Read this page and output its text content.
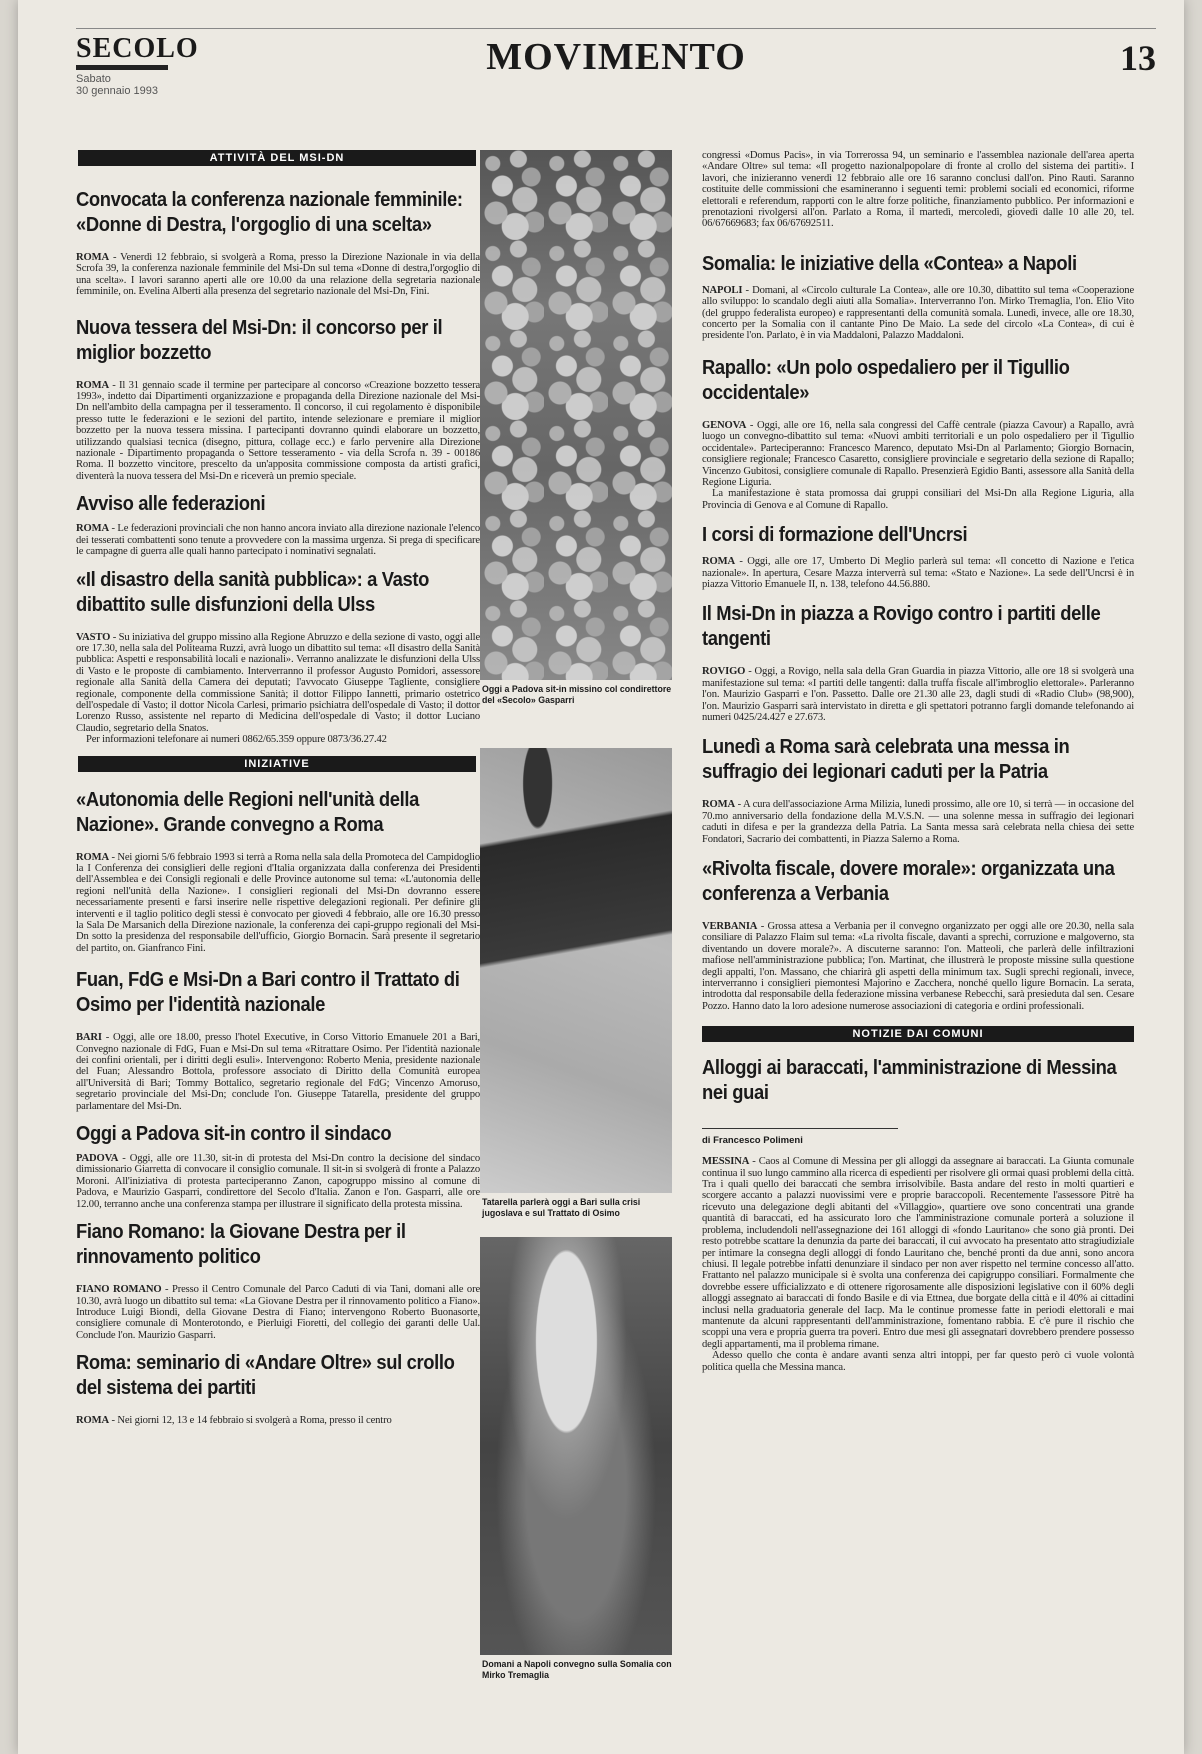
SECOLO
Sabato
30 gennaio 1993
MOVIMENTO	13
ATTIVITÀ DEL MSI-DN
Convocata la conferenza nazionale femminile: «Donne di Destra, l'orgoglio di una scelta»

ROMA - Venerdì 12 febbraio, si svolgerà a Roma, presso la Direzione Nazionale in via della Scrofa 39, la conferenza nazionale femminile del Msi-Dn sul tema «Donne di destra,l'orgoglio di una scelta». I lavori saranno aperti alle ore 10.00 da una relazione della segretaria nazionale femminile, on. Evelina Alberti alla presenza del segretario nazionale del Msi-Dn, Fini.

Nuova tessera del Msi-Dn: il concorso per il miglior bozzetto

ROMA - Il 31 gennaio scade il termine per partecipare al concorso «Creazione bozzetto tessera 1993», indetto dai Dipartimenti organizzazione e propaganda della Direzione nazionale del Msi-Dn nell'ambito della campagna per il tesseramento. Il concorso, il cui regolamento è disponibile presso tutte le federazioni e le sezioni del partito, intende selezionare e premiare il miglior bozzetto per la nuova tessera missina. I partecipanti dovranno quindi elaborare un bozzetto, utilizzando qualsiasi tecnica (disegno, pittura, collage ecc.) e farlo pervenire alla Direzione nazionale - Dipartimento propaganda o Settore tesseramento - via della Scrofa n. 39 - 00186 Roma. Il bozzetto vincitore, prescelto da un'apposita commissione composta da artisti grafici, diventerà la nuova tessera del Msi-Dn e riceverà un premio speciale.

Avviso alle federazioni

ROMA - Le federazioni provinciali che non hanno ancora inviato alla direzione nazionale l'elenco dei tesserati combattenti sono tenute a provvedere con la massima urgenza. Si prega di specificare le campagne di guerra alle quali hanno partecipato i nominativi segnalati.

«Il disastro della sanità pubblica»: a Vasto dibattito sulle disfunzioni della Ulss

VASTO - Su iniziativa del gruppo missino alla Regione Abruzzo e della sezione di vasto, oggi alle ore 17.30, nella sala del Politeama Ruzzi, avrà luogo un dibattito sul tema: «Il disastro della Sanità pubblica: Aspetti e responsabilità locali e nazionali». Verranno analizzate le disfunzioni della Ulss di Vasto e le proposte di cambiamento. Interverranno il professor Augusto Pomidori, assessore regionale alla Sanità della Camera dei deputati; l'avvocato Giuseppe Tagliente, consigliere regionale, componente della commissione Sanità; il dottor Filippo Iannetti, primario ostetrico dell'ospedale di Vasto; il dottor Nicola Carlesi, primario psichiatra dell'ospedale di Vasto; il dottor Lorenzo Russo, assistente nel reparto di Medicina dell'ospedale di Vasto; il dottor Luciano Claudio, segretario della Snatos.

Per informazioni telefonare ai numeri 0862/65.359 oppure 0873/36.27.42

INIZIATIVE
«Autonomia delle Regioni nell'unità della Nazione». Grande convegno a Roma

ROMA - Nei giorni 5/6 febbraio 1993 si terrà a Roma nella sala della Promoteca del Campidoglio la I Conferenza dei consiglieri delle regioni d'Italia organizzata dalla conferenza dei Presidenti dell'Assemblea e dei Consigli regionali e delle Province autonome sul tema: «L'autonomia delle regioni nell'unità della Nazione». I consiglieri regionali del Msi-Dn dovranno essere necessariamente presenti e farsi inserire nelle rispettive delegazioni regionali. Per definire gli interventi e il taglio politico degli stessi è convocato per giovedì 4 febbraio, alle ore 16.30 presso la Sala De Marsanich della Direzione nazionale, la conferenza dei capi-gruppo regionali del Msi-Dn sotto la presidenza del responsabile dell'ufficio, Giorgio Bornacin. Sarà presente il segretario del partito, on. Gianfranco Fini.

Fuan, FdG e Msi-Dn a Bari contro il Trattato di Osimo per l'identità nazionale

BARI - Oggi, alle ore 18.00, presso l'hotel Executive, in Corso Vittorio Emanuele 201 a Bari, Convegno nazionale di FdG, Fuan e Msi-Dn sul tema «Ritrattare Osimo. Per l'identità nazionale dei confini orientali, per i diritti degli esuli». Intervengono: Roberto Menia, presidente nazionale del Fuan; Alessandro Bottola, professore associato di Diritto della Comunità europea all'Università di Bari; Tommy Bottalico, segretario regionale del FdG; Vincenzo Amoruso, segretario provinciale del Msi-Dn; conclude l'on. Giuseppe Tatarella, presidente del gruppo parlamentare del Msi-Dn.

Oggi a Padova sit-in contro il sindaco

PADOVA - Oggi, alle ore 11.30, sit-in di protesta del Msi-Dn contro la decisione del sindaco dimissionario Giarretta di convocare il consiglio comunale. Il sit-in si svolgerà di fronte a Palazzo Moroni. All'iniziativa di protesta parteciperanno Zanon, capogruppo missino al comune di Padova, e Maurizio Gasparri, condirettore del Secolo d'Italia. Zanon e l'on. Gasparri, alle ore 12.00, terranno anche una conferenza stampa per illustrare il significato della protesta missina.

Fiano Romano: la Giovane Destra per il rinnovamento politico

FIANO ROMANO - Presso il Centro Comunale del Parco Caduti di via Tani, domani alle ore 10.30, avrà luogo un dibattito sul tema: «La Giovane Destra per il rinnovamento politico a Fiano». Introduce Luigi Biondi, della Giovane Destra di Fiano; intervengono Roberto Buonasorte, consigliere comunale di Monterotondo, e Pierluigi Fioretti, del collegio dei garanti delle Ual. Conclude l'on. Maurizio Gasparri.

Roma: seminario di «Andare Oltre» sul crollo del sistema dei partiti

ROMA - Nei giorni 12, 13 e 14 febbraio si svolgerà a Roma, presso il centro

Oggi a Padova sit-in missino col condirettore del «Secolo» Gasparri
Tatarella parlerà oggi a Bari sulla crisi jugoslava e sul Trattato di Osimo
Domani a Napoli convegno sulla Somalia con Mirko Tremaglia

congressi «Domus Pacis», in via Torrerossa 94, un seminario e l'assemblea nazionale dell'area aperta «Andare Oltre» sul tema: «Il progetto nazionalpopolare di fronte al crollo del sistema dei partiti». I lavori, che inizieranno venerdì 12 febbraio alle ore 16 saranno conclusi dall'on. Pino Rauti. Saranno costituite delle commissioni che esamineranno i seguenti temi: problemi sociali ed economici, riforme elettorali e referendum, rapporti con le altre forze politiche, finanziamento pubblico. Per informazioni e prenotazioni rivolgersi all'on. Parlato a Roma, il martedì, mercoledì, giovedì dalle 10 alle 20, tel. 06/67669683; fax 06/67692511.

Somalia: le iniziative della «Contea» a Napoli

NAPOLI - Domani, al «Circolo culturale La Contea», alle ore 10.30, dibattito sul tema «Cooperazione allo sviluppo: lo scandalo degli aiuti alla Somalia». Interverranno l'on. Mirko Tremaglia, l'on. Elio Vito (del gruppo federalista europeo) e rappresentanti della comunità somala. Lunedì, invece, alle ore 18.30, concerto per la Somalia con il cantante Pino De Maio. La sede del circolo «La Contea», di cui è presidente l'on. Parlato, è in via Maddaloni, Palazzo Maddaloni.

Rapallo: «Un polo ospedaliero per il Tigullio occidentale»

GENOVA - Oggi, alle ore 16, nella sala congressi del Caffè centrale (piazza Cavour) a Rapallo, avrà luogo un convegno-dibattito sul tema: «Nuovi ambiti territoriali e un polo ospedaliero per il Tigullio occidentale». Parteciperanno: Francesco Marenco, deputato Msi-Dn al Parlamento; Giorgio Bornacin, consigliere regionale; Francesco Casaretto, consigliere provinciale e segretario della sezione di Rapallo; Vincenzo Gubitosi, consigliere comunale di Rapallo. Presenzierà Egidio Banti, assessore alla Sanità della Regione Liguria.

La manifestazione è stata promossa dai gruppi consiliari del Msi-Dn alla Regione Liguria, alla Provincia di Genova e al Comune di Rapallo.

I corsi di formazione dell'Uncrsi

ROMA - Oggi, alle ore 17, Umberto Di Meglio parlerà sul tema: «Il concetto di Nazione e l'etica nazionale». In apertura, Cesare Mazza interverrà sul tema: «Stato e Nazione». La sede dell'Uncrsi è in piazza Vittorio Emanuele II, n. 138, telefono 44.56.880.

Il Msi-Dn in piazza a Rovigo contro i partiti delle tangenti

ROVIGO - Oggi, a Rovigo, nella sala della Gran Guardia in piazza Vittorio, alle ore 18 si svolgerà una manifestazione sul tema: «I partiti delle tangenti: dalla truffa fiscale all'imbroglio elettorale». Parleranno l'on. Maurizio Gasparri e l'on. Passetto. Dalle ore 21.30 alle 23, dagli studi di «Radio Club» (98,900), l'on. Maurizio Gasparri sarà intervistato in diretta e gli spettatori potranno fargli domande telefonando ai numeri 0425/24.427 e 27.673.

Lunedì a Roma sarà celebrata una messa in suffragio dei legionari caduti per la Patria

ROMA - A cura dell'associazione Arma Milizia, lunedì prossimo, alle ore 10, si terrà — in occasione del 70.mo anniversario della fondazione della M.V.S.N. — una solenne messa in suffragio dei legionari caduti in difesa e per la grandezza della Patria. La Santa messa sarà celebrata nella chiesa dei sette Fondatori, Sacrario dei combattenti, in Piazza Salerno a Roma.

«Rivolta fiscale, dovere morale»: organizzata una conferenza a Verbania

VERBANIA - Grossa attesa a Verbania per il convegno organizzato per oggi alle ore 20.30, nella sala consiliare di Palazzo Flaim sul tema: «La rivolta fiscale, davanti a sprechi, corruzione e malgoverno, sta diventando un dovere morale?». A discuterne saranno: l'on. Matteoli, che parlerà delle infiltrazioni mafiose nell'amministrazione pubblica; l'on. Martinat, che illustrerà le proposte missine sulla questione degli appalti, l'on. Massano, che chiarirà gli aspetti della minimum tax. Sugli sprechi regionali, invece, interverranno i consiglieri piemontesi Majorino e Zacchera, nonché quello ligure Bornacin. La serata, introdotta dal responsabile della federazione missina verbanese Rebecchi, sarà presieduta dal sen. Cesare Pozzo. Hanno dato la loro adesione numerose associazioni di categoria e ordini professionali.

NOTIZIE DAI COMUNI
Alloggi ai baraccati, l'amministrazione di Messina nei guai
di Francesco Polimeni

MESSINA - Caos al Comune di Messina per gli alloggi da assegnare ai baraccati. La Giunta comunale continua il suo lungo cammino alla ricerca di espedienti per risolvere gli ormai quasi problemi della città. Tra i quali quello dei baraccati che sembra irrisolvibile. Basta andare del resto in molti quartieri e scorgere accanto a palazzi nuovissimi vere e proprie baraccopoli. Recentemente l'assessore Pitrè ha ricevuto una delegazione degli abitanti del «Villaggio», quartiere ove sono concentrati una grande quantità di baraccati, ed ha assicurato loro che l'amministrazione comunale porterà a soluzione il problema, includendoli nell'assegnazione dei 161 alloggi di «fondo Lauritano» che sono già pronti. Dei resto potrebbe scattare la denunzia da parte dei baraccati, il cui avvocato ha presentato atto stragiudiziale per intimare la consegna degli alloggi di fondo Lauritano che, benché pronti da due anni, sono ancora chiusi. Il legale potrebbe infatti denunziare il sindaco per non aver rispetto nel termine concesso all'atto. Frattanto nel palazzo municipale si è svolta una conferenza dei capigruppo consiliari. Formalmente che dovrebbe essere ufficializzato e di ottenere rigorosamente alle disposizioni legislative con il 60% degli alloggi assegnato ai baraccati di fondo Basile e di via Ettnea, due borgate della città e il 40% ai cittadini inclusi nella graduatoria generale del Iacp. Ma le continue promesse fatte in periodi elettorali e mai mantenute da alcuni rappresentanti dell'amministrazione, fomentano rabbia. E c'è pure il rischio che scoppi una vera e propria guerra tra poveri. Entro due mesi gli assegnatari dovrebbero prendere possesso degli appartamenti, ma il problema rimane.

Adesso quello che conta è andare avanti senza altri intoppi, per far questo però ci vuole volontà politica quella che Messina manca.
